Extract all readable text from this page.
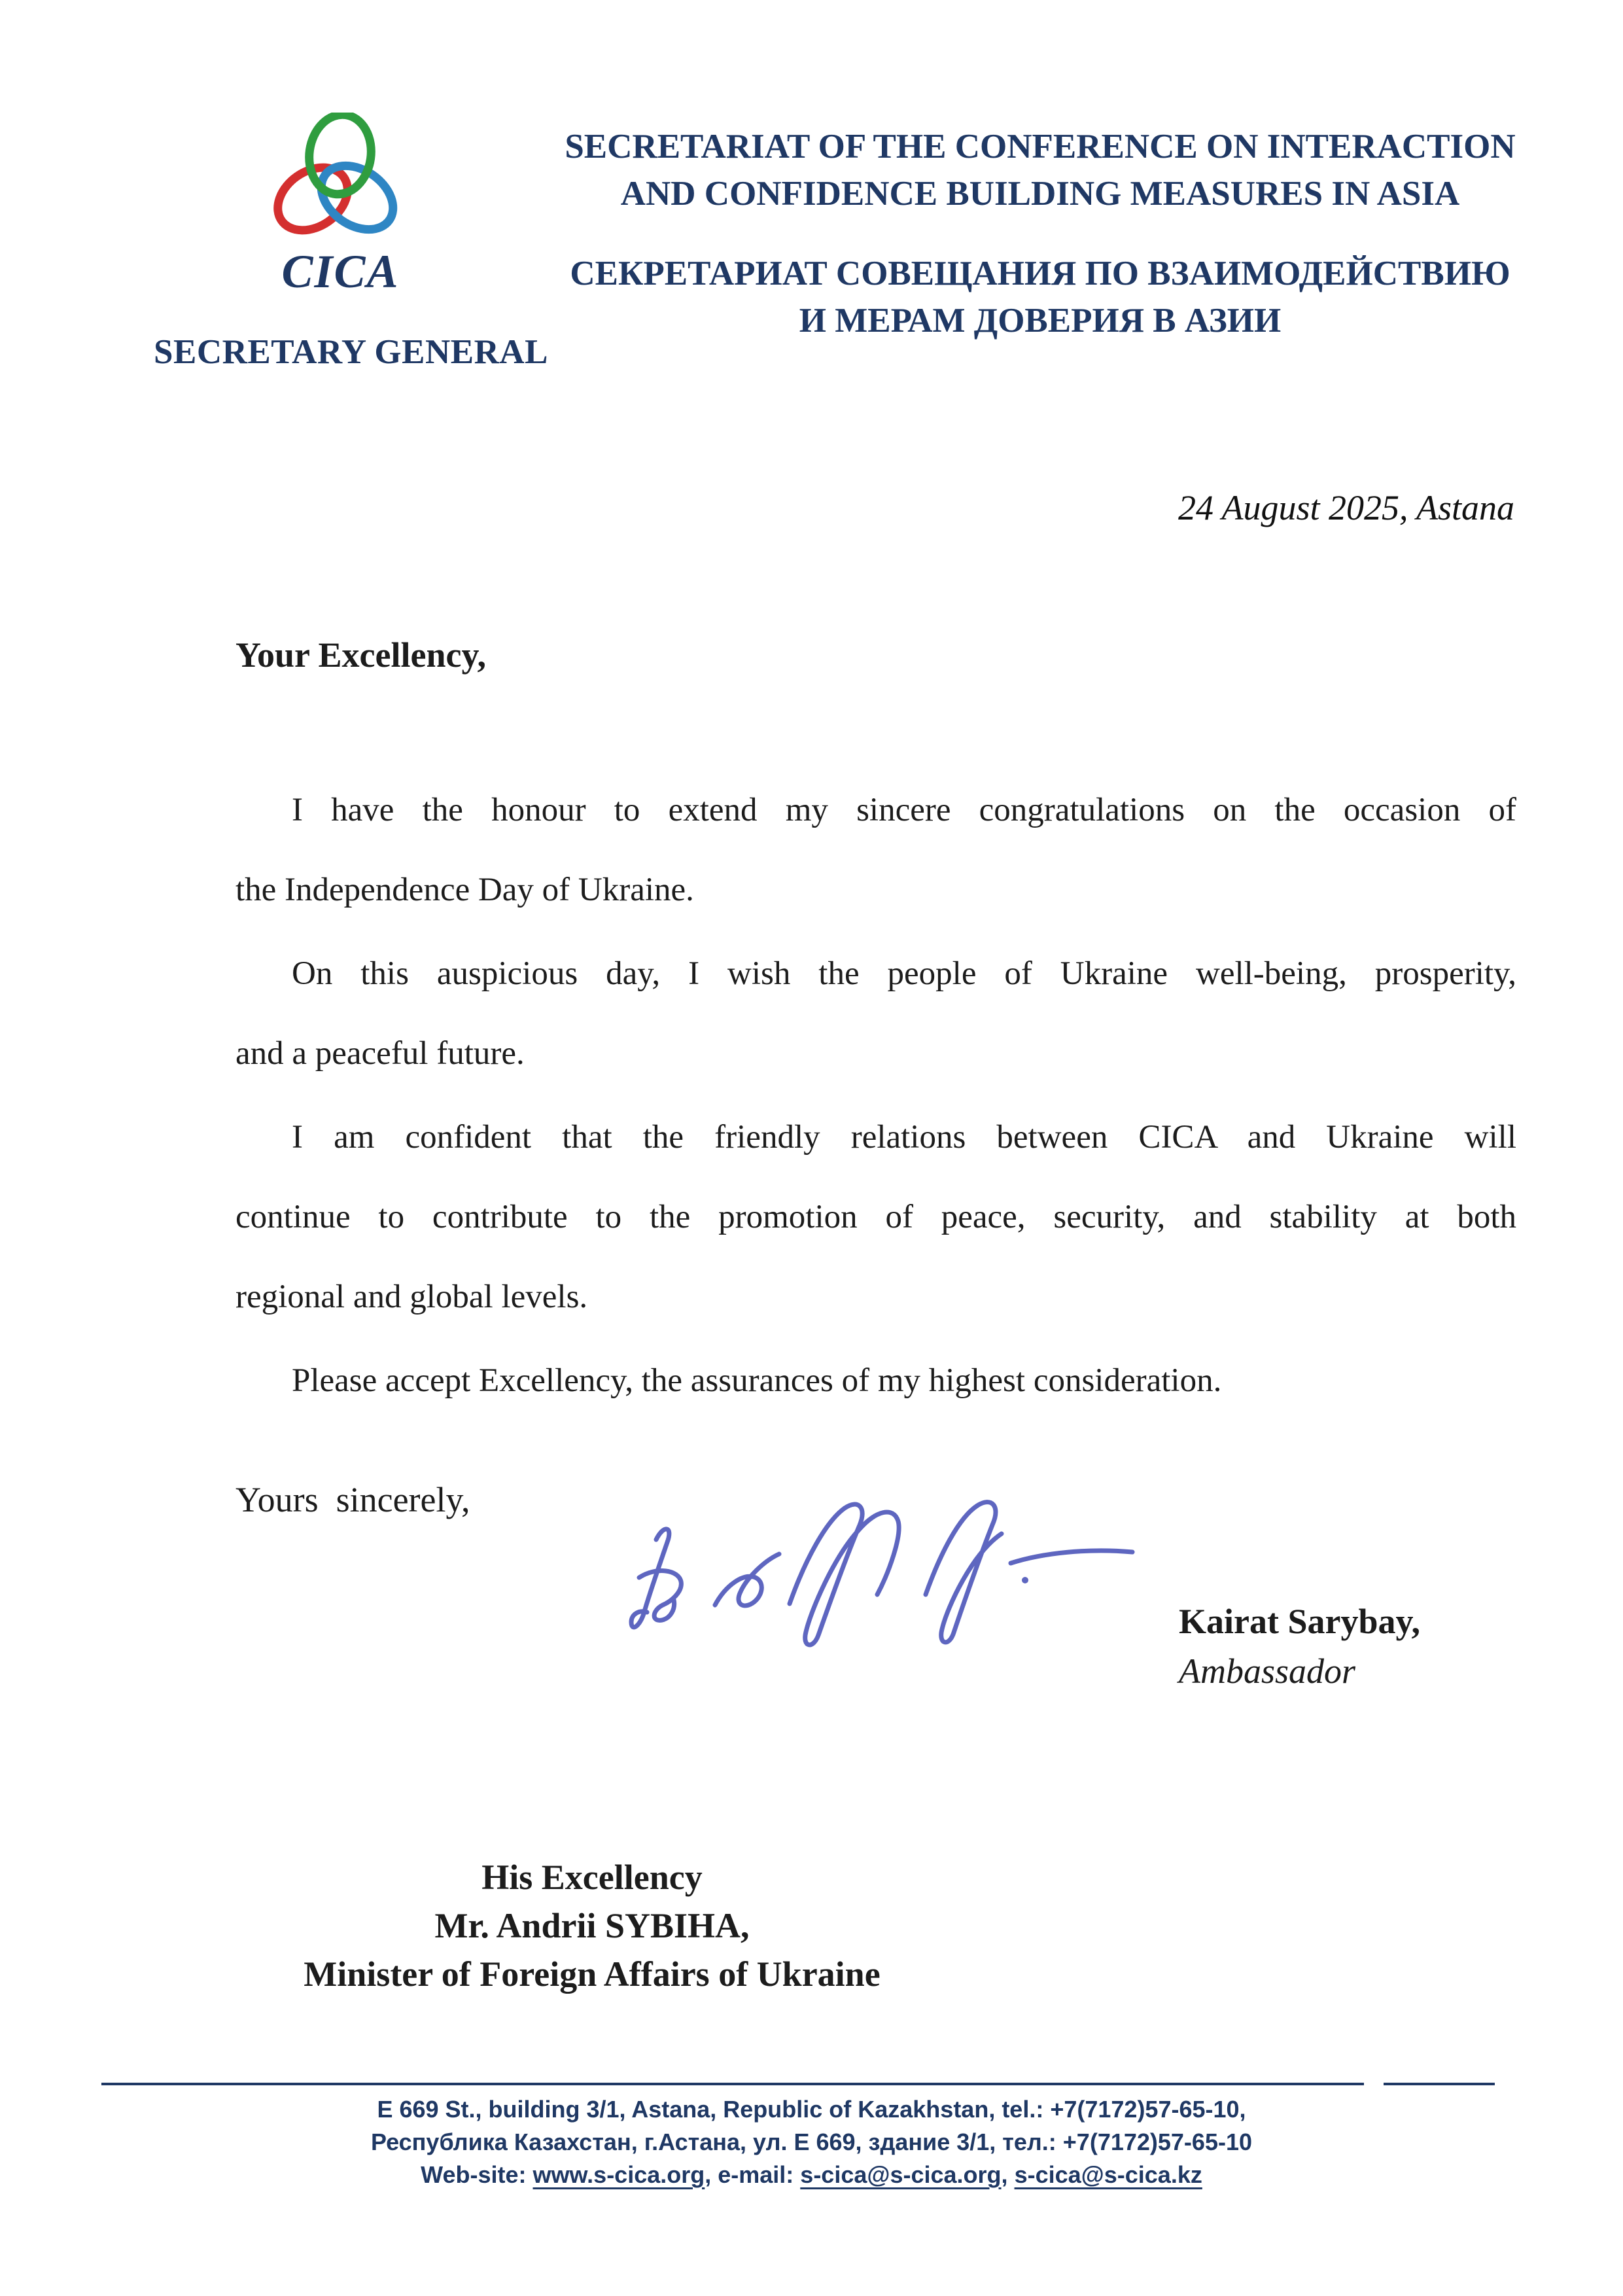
CICA
SECRETARIAT OF THE CONFERENCE ON INTERACTION
AND CONFIDENCE BUILDING MEASURES IN ASIA
СЕКРЕТАРИАТ СОВЕЩАНИЯ ПО ВЗАИМОДЕЙСТВИЮ
И МЕРАМ ДОВЕРИЯ В АЗИИ
SECRETARY GENERAL
24 August 2025, Astana
Your Excellency,
I have the honour to extend my sincere congratulations on the occasion of
the Independence Day of Ukraine.
On this auspicious day, I wish the people of Ukraine well-being, prosperity,
and a peaceful future.
I am confident that the friendly relations between CICA and Ukraine will
continue to contribute to the promotion of peace, security, and stability at both
regional and global levels.
Please accept Excellency, the assurances of my highest consideration.
Yours  sincerely,
Kairat Sarybay,
Ambassador
His Excellency
Mr. Andrii SYBIHA,
Minister of Foreign Affairs of Ukraine
E 669 St., building 3/1, Astana, Republic of Kazakhstan, tel.: +7(7172)57-65-10,
Республика Казахстан, г.Астана, ул. Е 669, здание 3/1, тел.: +7(7172)57-65-10
Web-site: www.s-cica.org, e-mail: s-cica@s-cica.org, s-cica@s-cica.kz
